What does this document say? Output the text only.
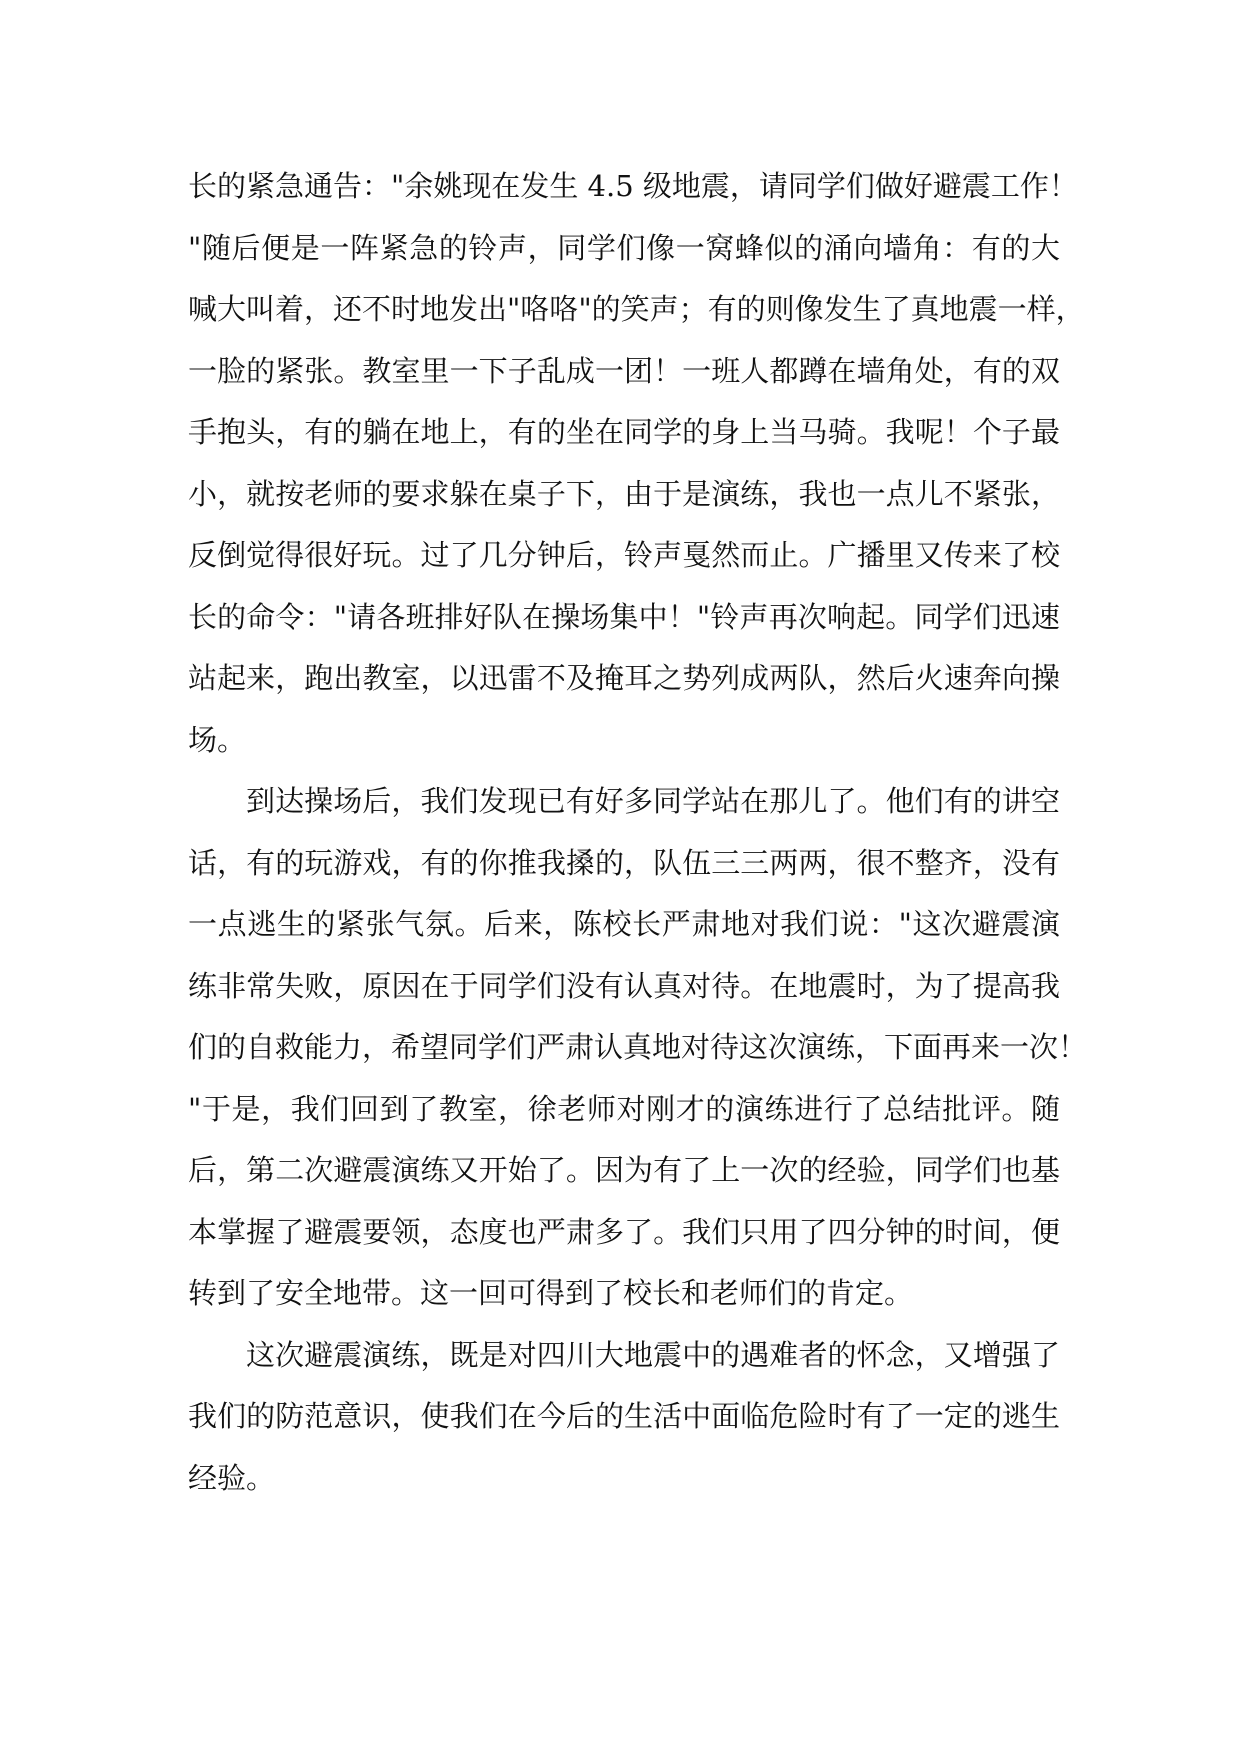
长的紧急通告："余姚现在发生 4.5 级地震，请同学们做好避震工作！
"随后便是一阵紧急的铃声，同学们像一窝蜂似的涌向墙角：有的大
喊大叫着，还不时地发出"咯咯"的笑声；有的则像发生了真地震一样，
一脸的紧张。教室里一下子乱成一团！一班人都蹲在墙角处，有的双
手抱头，有的躺在地上，有的坐在同学的身上当马骑。我呢！个子最
小，就按老师的要求躲在桌子下，由于是演练，我也一点儿不紧张，
反倒觉得很好玩。过了几分钟后，铃声戛然而止。广播里又传来了校
长的命令："请各班排好队在操场集中！"铃声再次响起。同学们迅速
站起来，跑出教室，以迅雷不及掩耳之势列成两队，然后火速奔向操
场。
到达操场后，我们发现已有好多同学站在那儿了。他们有的讲空
话，有的玩游戏，有的你推我搡的，队伍三三两两，很不整齐，没有
一点逃生的紧张气氛。后来，陈校长严肃地对我们说："这次避震演
练非常失败，原因在于同学们没有认真对待。在地震时，为了提高我
们的自救能力，希望同学们严肃认真地对待这次演练，下面再来一次！
"于是，我们回到了教室，徐老师对刚才的演练进行了总结批评。随
后，第二次避震演练又开始了。因为有了上一次的经验，同学们也基
本掌握了避震要领，态度也严肃多了。我们只用了四分钟的时间，便
转到了安全地带。这一回可得到了校长和老师们的肯定。
这次避震演练，既是对四川大地震中的遇难者的怀念，又增强了
我们的防范意识，使我们在今后的生活中面临危险时有了一定的逃生
经验。
